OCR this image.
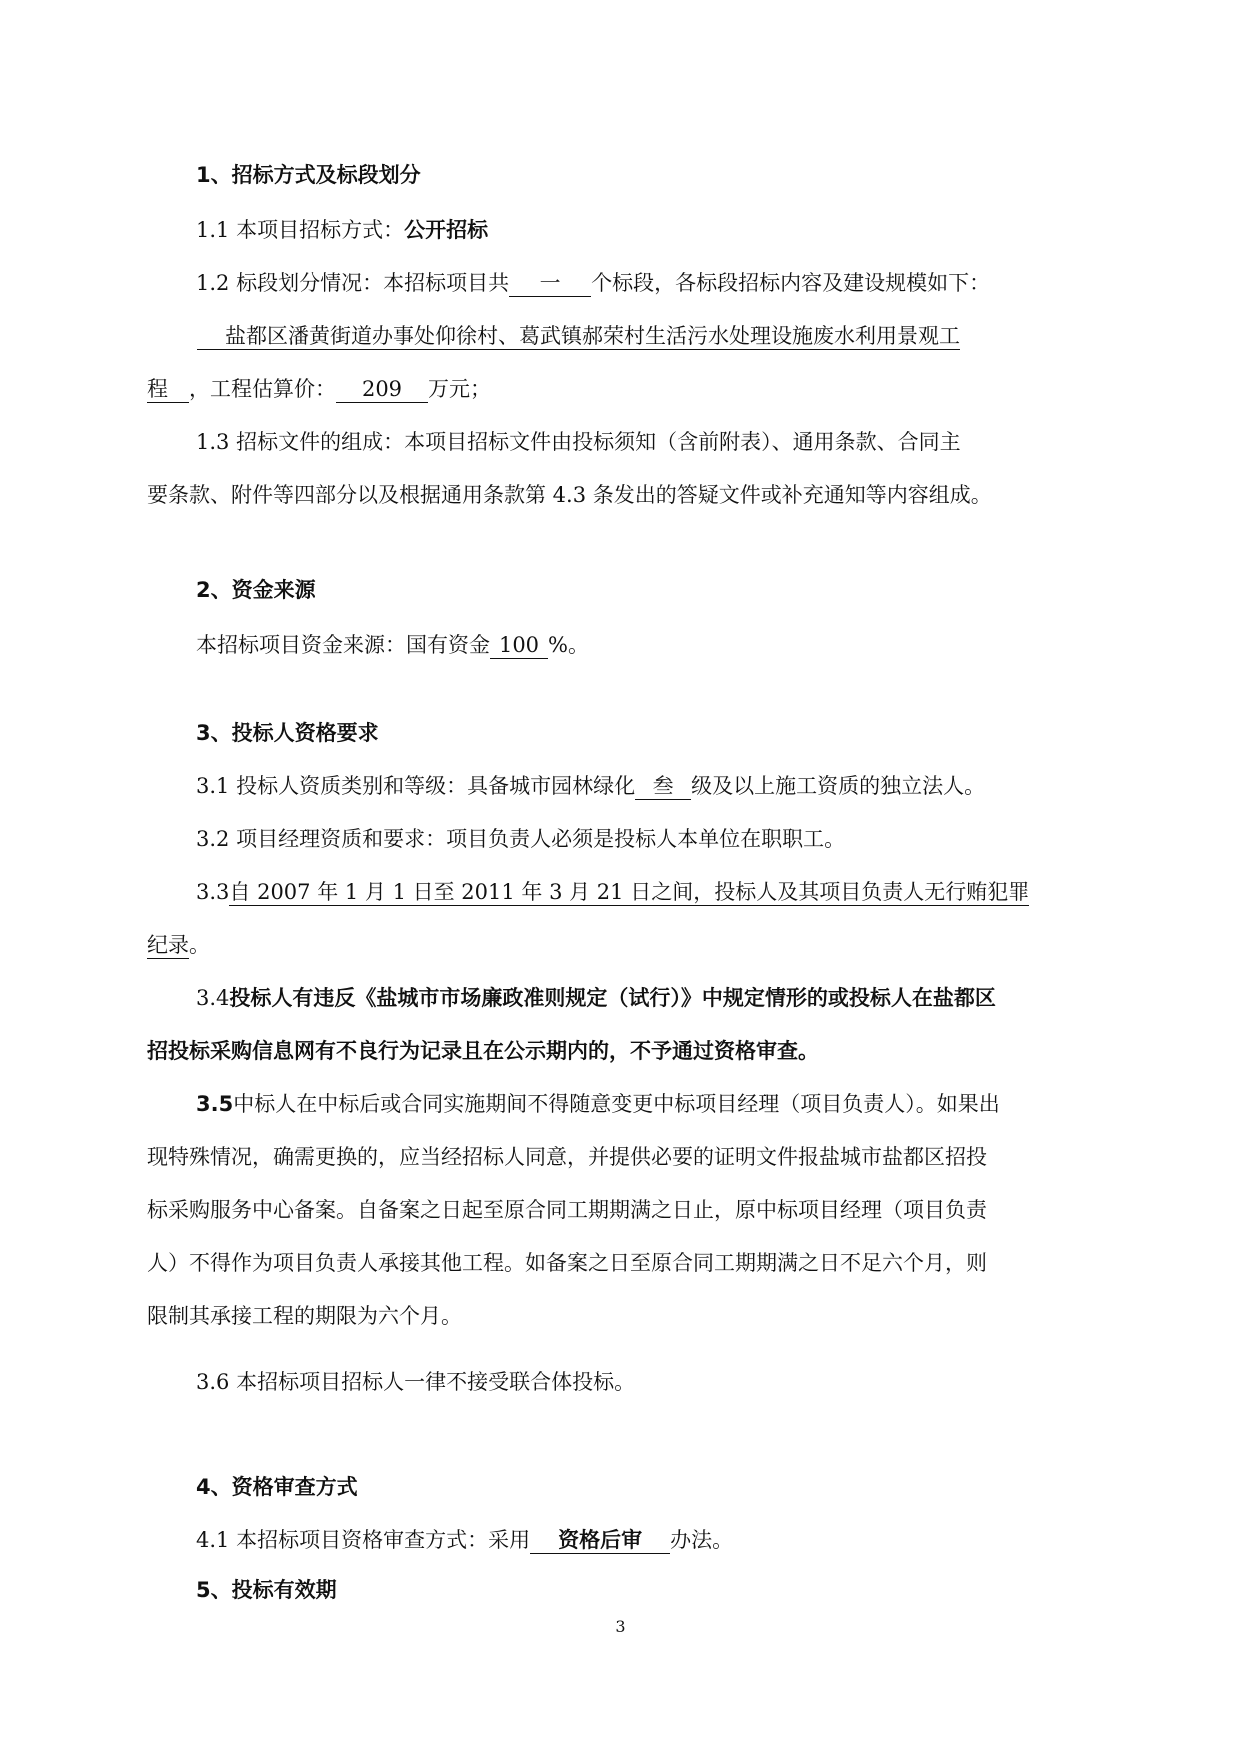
1、招标方式及标段划分
1.1 本项目招标方式：公开招标
1.2 标段划分情况：本招标项目共 一 个标段，各标段招标内容及建设规模如下：
盐都区潘黄街道办事处仰徐村、葛武镇郝荣村生活污水处理设施废水利用景观工
程 ，工程估算价： 209 万元；
1.3 招标文件的组成：本项目招标文件由投标须知（含前附表）、通用条款、合同主
要条款、附件等四部分以及根据通用条款第 4.3 条发出的答疑文件或补充通知等内容组成。
2、资金来源
本招标项目资金来源：国有资金 100 %。
3、投标人资格要求
3.1 投标人资质类别和等级：具备城市园林绿化 叁 级及以上施工资质的独立法人。
3.2 项目经理资质和要求：项目负责人必须是投标人本单位在职职工。
3.3自 2007 年 1 月 1 日至 2011 年 3 月 21 日之间，投标人及其项目负责人无行贿犯罪
纪录。
3.4投标人有违反《盐城市市场廉政准则规定（试行）》中规定情形的或投标人在盐都区
招投标采购信息网有不良行为记录且在公示期内的，不予通过资格审查。
3.5中标人在中标后或合同实施期间不得随意变更中标项目经理（项目负责人）。如果出
现特殊情况，确需更换的，应当经招标人同意，并提供必要的证明文件报盐城市盐都区招投
标采购服务中心备案。自备案之日起至原合同工期期满之日止，原中标项目经理（项目负责
人）不得作为项目负责人承接其他工程。如备案之日至原合同工期期满之日不足六个月，则
限制其承接工程的期限为六个月。
3.6 本招标项目招标人一律不接受联合体投标。
4、资格审查方式
4.1 本招标项目资格审查方式：采用 资格后审 办法。
5、投标有效期
3
